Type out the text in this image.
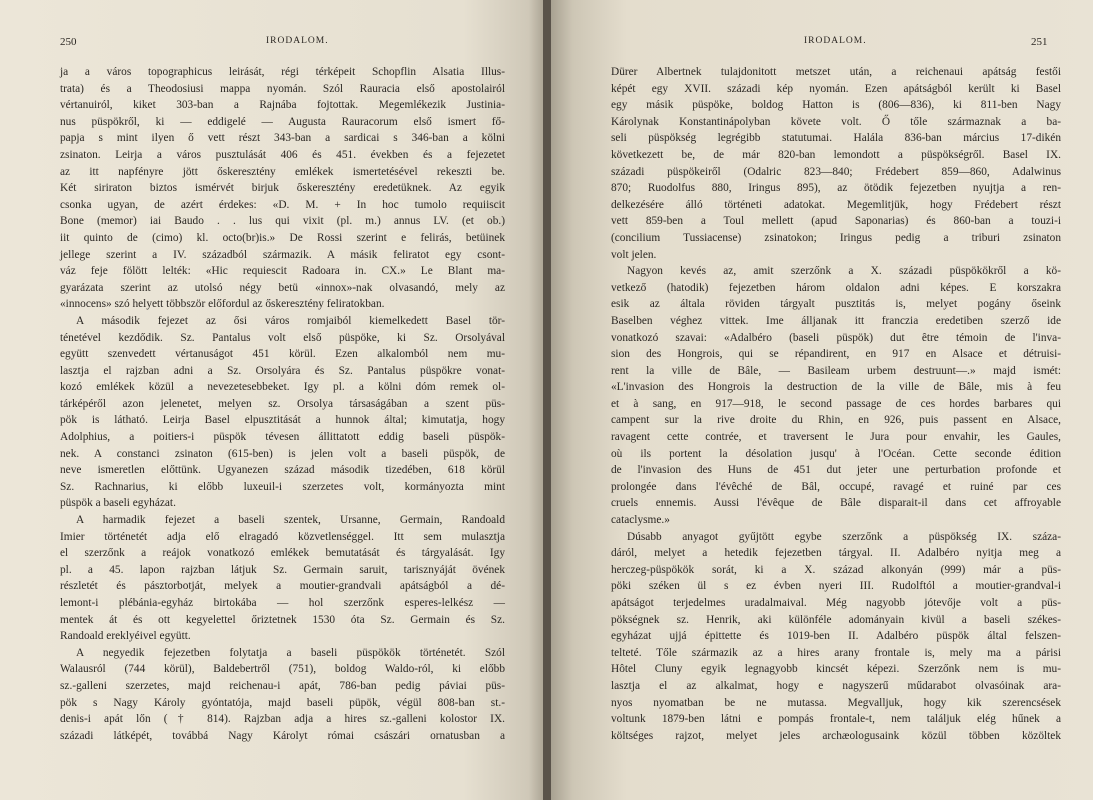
250	IRODALOM.
ja a város topographicus leirását, régi térképeit Schopflin Alsatia Illus-
trata) és a Theodosiusi mappa nyomán. Szól Rauracia első apostolairól
vértanuiról, kiket 303-ban a Rajnába fojtottak. Megemlékezik Justinia-
nus püspökről, ki — eddigelé — Augusta Rauracorum első ismert fő-
papja s mint ilyen ő vett részt 343-ban a sardicai s 346-ban a kölni
zsinaton. Leirja a város pusztulását 406 és 451. években és a fejezetet
az itt napfényre jött őskeresztény emlékek ismertetésével rekeszti be.
Két siriraton biztos ismérvét birjuk őskeresztény eredetüknek. Az egyik
csonka ugyan, de azért érdekes: «D. M. + In hoc tumolo requiiscit
Bone (memor) iai Baudo . . lus qui vixit (pl. m.) annus LV. (et ob.)
iit quinto de (cimo) kl. octo(br)is.» De Rossi szerint e felirás, betüinek
jellege szerint a IV. századból származik. A másik feliratot egy csont-
váz feje fölött lelték: «Hic requiescit Radoara in. CX.» Le Blant ma-
gyarázata szerint az utolsó négy betü «innox»-nak olvasandó, mely az
«innocens» szó helyett többször előfordul az őskeresztény feliratokban.
A második fejezet az ősi város romjaiból kiemelkedett Basel tör-
ténetével kezdődik. Sz. Pantalus volt első püspöke, ki Sz. Orsolyával
együtt szenvedett vértanuságot 451 körül. Ezen alkalomból nem mu-
lasztja el rajzban adni a Sz. Orsolyára és Sz. Pantalus püspökre vonat-
kozó emlékek közül a nevezetesebbeket. Igy pl. a kölni dóm remek ol-
tárképéről azon jelenetet, melyen sz. Orsolya társaságában a szent püs-
pök is látható. Leirja Basel elpusztitását a hunnok által; kimutatja, hogy
Adolphius, a poitiers-i püspök tévesen állittatott eddig baseli püspök-
nek. A constanci zsinaton (615-ben) is jelen volt a baseli püspök, de
neve ismeretlen előttünk. Ugyanezen század második tizedében, 618 körül
Sz. Rachnarius, ki előbb luxeuil-i szerzetes volt, kormányozta mint
püspök a baseli egyházat.
A harmadik fejezet a baseli szentek, Ursanne, Germain, Randoald
Imier történetét adja elő elragadó közvetlenséggel. Itt sem mulasztja
el szerzőnk a reájok vonatkozó emlékek bemutatását és tárgyalását. Igy
pl. a 45. lapon rajzban látjuk Sz. Germain saruit, tarisznyáját övének
részletét és pásztorbotját, melyek a moutier-grandvali apátságból a dé-
lemont-i plébánia-egyház birtokába — hol szerzőnk esperes-lelkész —
mentek át és ott kegyelettel őriztetnek 1530 óta Sz. Germain és Sz.
Randoald ereklyéivel együtt.
A negyedik fejezetben folytatja a baseli püspökök történetét. Szól
Walausról (744 körül), Baldebertről (751), boldog Waldo-ról, ki előbb
sz.-galleni szerzetes, majd reichenau-i apát, 786-ban pedig páviai püs-
pök s Nagy Károly gyóntatója, majd baseli püpök, végül 808-ban st.-
denis-i apát lőn († 814). Rajzban adja a hires sz.-galleni kolostor IX.
századi látképét, továbbá Nagy Károlyt római császári ornatusban a
IRODALOM.	251
Dürer Albertnek tulajdonitott metszet után, a reichenaui apátság festői
képét egy XVII. századi kép nyomán. Ezen apátságból került ki Basel
egy másik püspöke, boldog Hatton is (806—836), ki 811-ben Nagy
Károlynak Konstantinápolyban követe volt. Ő tőle származnak a ba-
seli püspökség legrégibb statutumai. Halála 836-ban március 17-dikén
következett be, de már 820-ban lemondott a püspökségről. Basel IX.
századi püspökeiről (Odalric 823—840; Frédebert 859—860, Adalwinus
870; Ruodolfus 880, Iringus 895), az ötödik fejezetben nyujtja a ren-
delkezésére álló történeti adatokat. Megemlitjük, hogy Frédebert részt
vett 859-ben a Toul mellett (apud Saponarias) és 860-ban a touzi-i
(concilium Tussiacense) zsinatokon; Iringus pedig a triburi zsinaton
volt jelen.
Nagyon kevés az, amit szerzőnk a X. századi püspökökről a kö-
vetkező (hatodik) fejezetben három oldalon adni képes. E korszakra
esik az általa röviden tárgyalt pusztitás is, melyet pogány őseink
Baselben véghez vittek. Ime álljanak itt franczia eredetiben szerző ide
vonatkozó szavai: «Adalbéro (baseli püspök) dut être témoin de l'inva-
sion des Hongrois, qui se répandirent, en 917 en Alsace et détruisi-
rent la ville de Bâle, — Basileam urbem destruunt—.» majd ismét:
«L'invasion des Hongrois la destruction de la ville de Bâle, mis à feu
et à sang, en 917—918, le second passage de ces hordes barbares qui
campent sur la rive droite du Rhin, en 926, puis passent en Alsace,
ravagent cette contrée, et traversent le Jura pour envahir, les Gaules,
où ils portent la désolation jusqu' à l'Océan. Cette seconde édition
de l'invasion des Huns de 451 dut jeter une perturbation profonde et
prolongée dans l'évêché de Bâl, occupé, ravagé et ruiné par ces
cruels ennemis. Aussi l'évêque de Bâle disparait-il dans cet affroyable
cataclysme.»
Dúsabb anyagot gyűjtött egybe szerzőnk a püspökség IX. száza-
dáról, melyet a hetedik fejezetben tárgyal. II. Adalbéro nyitja meg a
herczeg-püspökök sorát, ki a X. század alkonyán (999) már a püs-
pöki széken ül s ez évben nyeri III. Rudolftól a moutier-grandval-i
apátságot terjedelmes uradalmaival. Még nagyobb jótevője volt a püs-
pökségnek sz. Henrik, aki különféle adományain kivül a baseli székes-
egyházat ujjá épittette és 1019-ben II. Adalbéro püspök által felszen-
telteté. Tőle származik az a hires arany frontale is, mely ma a párisi
Hôtel Cluny egyik legnagyobb kincsét képezi. Szerzőnk nem is mu-
lasztja el az alkalmat, hogy e nagyszerű műdarabot olvasóinak ara-
nyos nyomatban be ne mutassa. Megvalljuk, hogy kik szerencsések
voltunk 1879-ben látni e pompás frontale-t, nem találjuk elég hűnek a
költséges rajzot, melyet jeles archæologusaink közül többen közöltek
